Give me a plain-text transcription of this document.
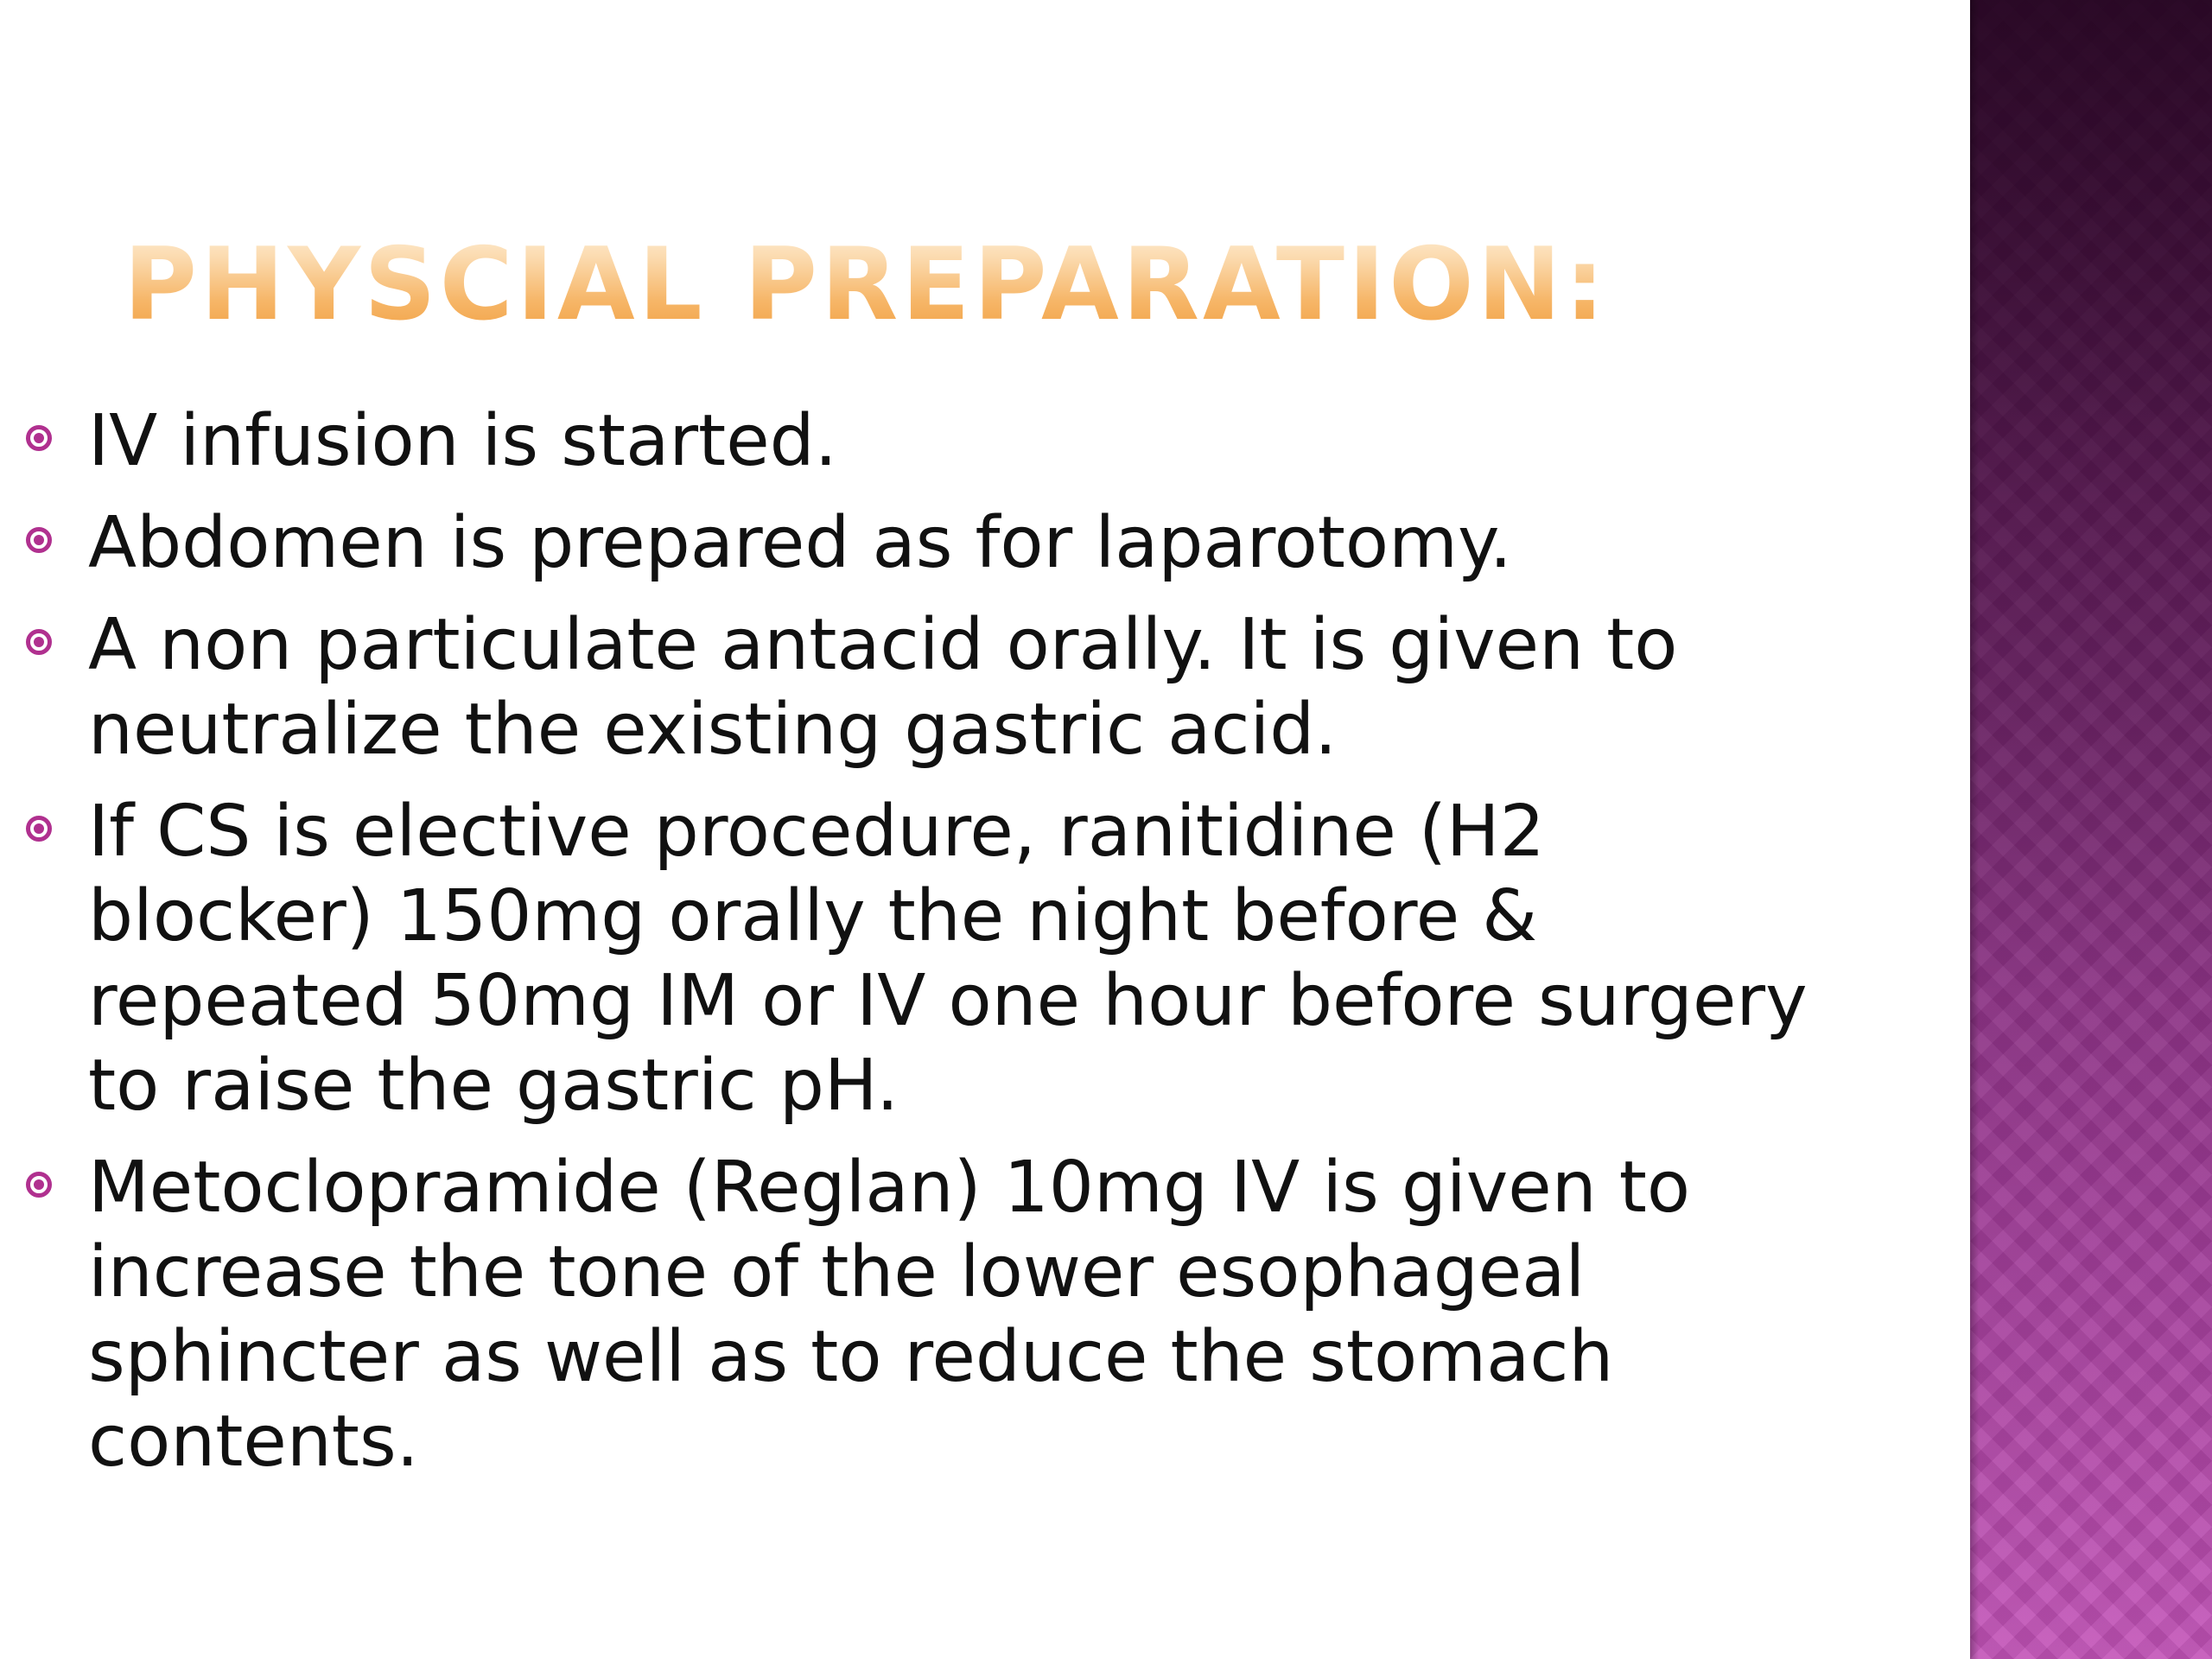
PHYSCIAL PREPARATION:
IV infusion is started.
Abdomen is prepared as for laparotomy.
A non particulate antacid orally. It is given to
neutralize the existing gastric acid.
If CS is elective procedure, ranitidine (H2
blocker) 150mg orally the night before &
repeated 50mg IM or IV one hour before surgery
to raise the gastric pH.
Metoclopramide (Reglan) 10mg IV is given to
increase the tone of the lower esophageal
sphincter as well as to reduce the stomach
contents.
